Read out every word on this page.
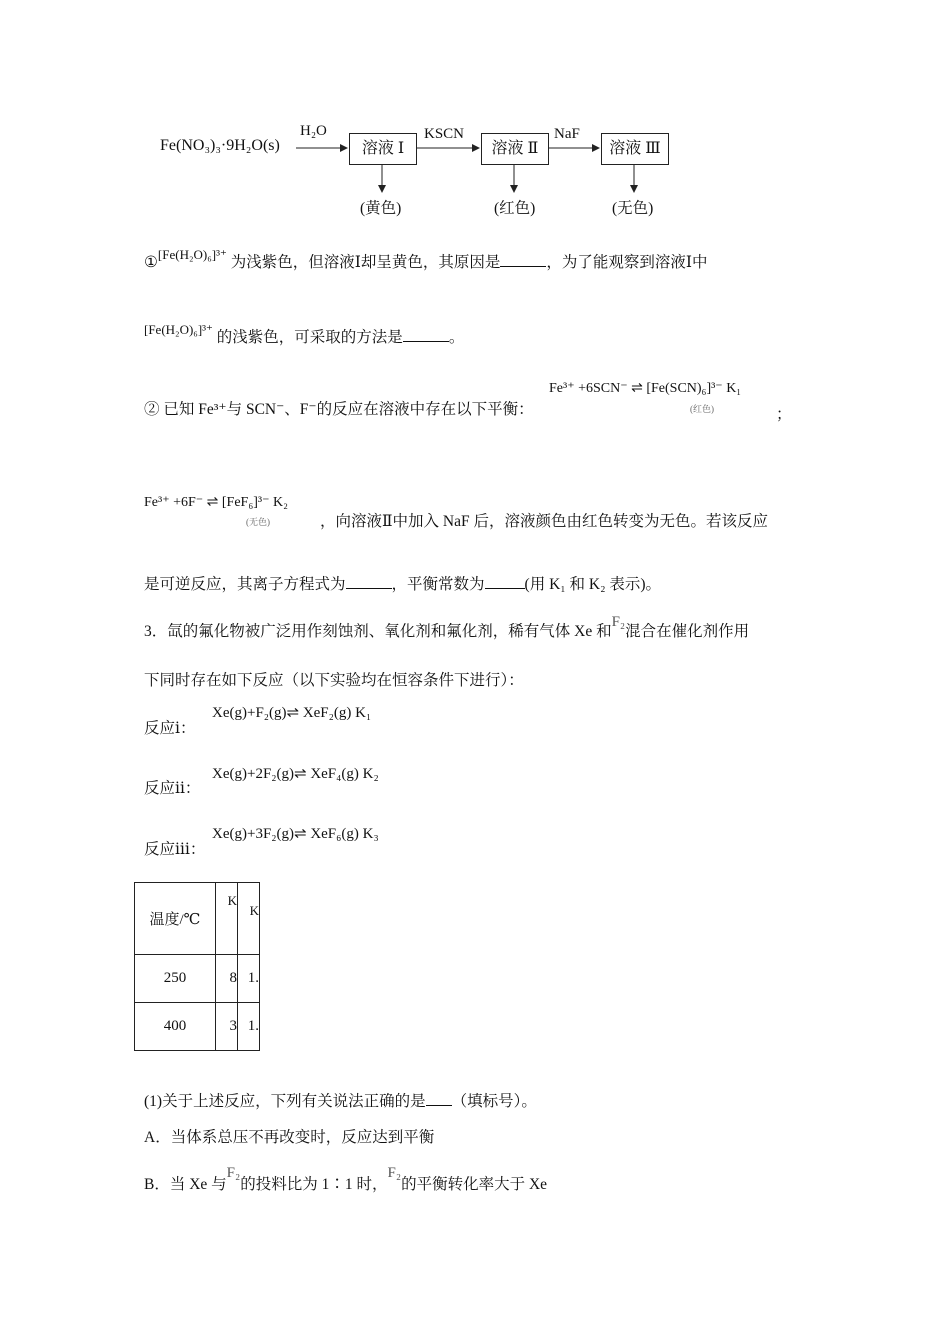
Fe(NO₃)₃·9H₂O(s)
H₂O
溶液 Ⅰ
KSCN
溶液 Ⅱ
NaF
溶液 Ⅲ
(黄色)	(红色)	(无色)
①$^{[Fe(H_2O)_6]^{3+}}$ 为浅紫色，但溶液Ⅰ却呈黄色，其原因是	，为了能观察到溶液Ⅰ中
$^{[Fe(H_2O)_6]^{3+}}$ 的浅紫色，可采取的方法是	。
② 已知 Fe³⁺与 SCN⁻、F⁻的反应在溶液中存在以下平衡：
Fe³⁺ +6SCN⁻ ⇌ [Fe(SCN)₆]³⁻ K₁
(红色)	；
Fe³⁺ +6F⁻ ⇌ [FeF₆]³⁻ K₂
(无色)	，向溶液Ⅱ中加入 NaF 后，溶液颜色由红色转变为无色。若该反应
是可逆反应，其离子方程式为	，平衡常数为	(用 K₁ 和 K₂ 表示)。
3．氙的氟化物被广泛用作刻蚀剂、氧化剂和氟化剂，稀有气体 Xe 和F₂混合在催化剂作用
下同时存在如下反应（以下实验均在恒容条件下进行）：
反应ⅰ：
Xe(g)+F₂(g)⇌ XeF₂(g) K₁
反应ⅱ：
Xe(g)+2F₂(g)⇌ XeF₄(g) K₂
反应ⅲ：
Xe(g)+3F₂(g)⇌ XeF₆(g) K₃
温度/℃	K	K
250	8	1.
400	3	1.
(1)关于上述反应，下列有关说法正确的是 （填标号）。
A．当体系总压不再改变时，反应达到平衡
B．当 Xe 与F₂的投料比为 1∶1 时，F₂的平衡转化率大于 Xe
